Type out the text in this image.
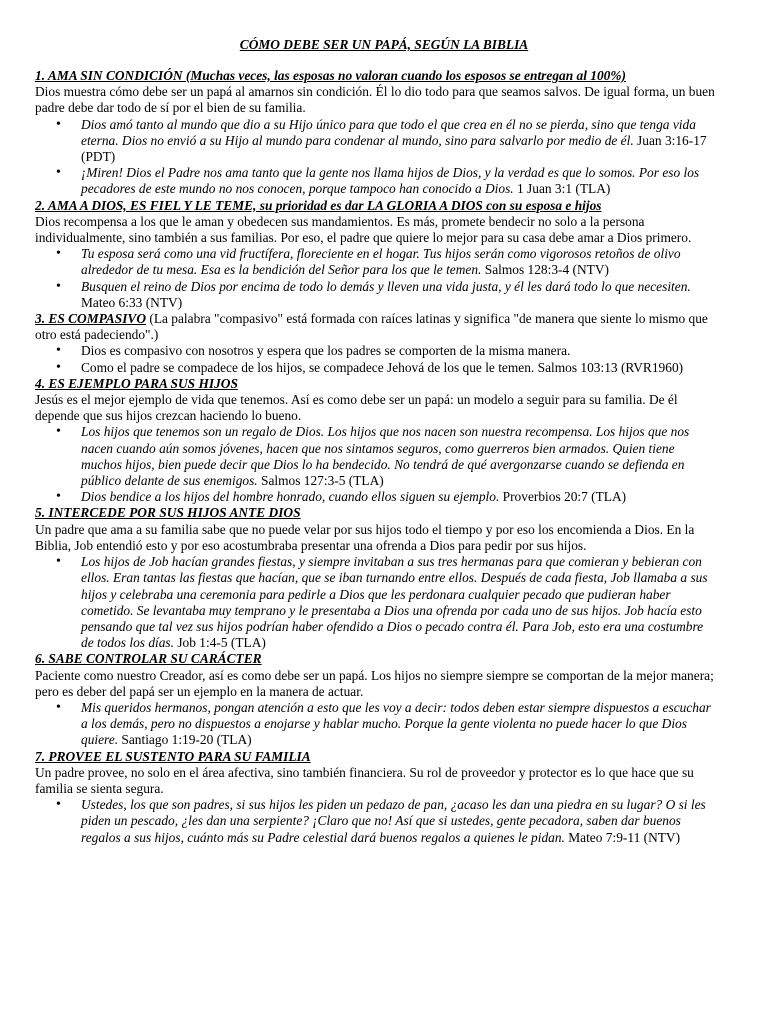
CÓMO DEBE SER UN PAPÁ, SEGÚN LA BIBLIA
1. AMA SIN CONDICIÓN (Muchas veces, las esposas no valoran cuando los esposos se entregan al 100%)
Dios muestra cómo debe ser un papá al amarnos sin condición. Él lo dio todo para que seamos salvos. De igual forma, un buen padre debe dar todo de sí por el bien de su familia.
• Dios amó tanto al mundo que dio a su Hijo único para que todo el que crea en él no se pierda, sino que tenga vida eterna. Dios no envió a su Hijo al mundo para condenar al mundo, sino para salvarlo por medio de él. Juan 3:16-17 (PDT)
• ¡Miren! Dios el Padre nos ama tanto que la gente nos llama hijos de Dios, y la verdad es que lo somos. Por eso los pecadores de este mundo no nos conocen, porque tampoco han conocido a Dios. 1 Juan 3:1 (TLA)
2. AMA A DIOS, ES FIEL Y LE TEME, su prioridad es dar LA GLORIA A DIOS con su esposa e hijos
Dios recompensa a los que le aman y obedecen sus mandamientos. Es más, promete bendecir no solo a la persona individualmente, sino también a sus familias. Por eso, el padre que quiere lo mejor para su casa debe amar a Dios primero.
• Tu esposa será como una vid fructífera, floreciente en el hogar. Tus hijos serán como vigorosos retoños de olivo alrededor de tu mesa. Esa es la bendición del Señor para los que le temen. Salmos 128:3-4 (NTV)
• Busquen el reino de Dios por encima de todo lo demás y lleven una vida justa, y él les dará todo lo que necesiten. Mateo 6:33 (NTV)
3. ES COMPASIVO (La palabra "compasivo" está formada con raíces latinas y significa "de manera que siente lo mismo que otro está padeciendo".)
• Dios es compasivo con nosotros y espera que los padres se comporten de la misma manera.
• Como el padre se compadece de los hijos, se compadece Jehová de los que le temen. Salmos 103:13 (RVR1960)
4. ES EJEMPLO PARA SUS HIJOS
Jesús es el mejor ejemplo de vida que tenemos. Así es como debe ser un papá: un modelo a seguir para su familia. De él depende que sus hijos crezcan haciendo lo bueno.
• Los hijos que tenemos son un regalo de Dios. Los hijos que nos nacen son nuestra recompensa. Los hijos que nos nacen cuando aún somos jóvenes, hacen que nos sintamos seguros, como guerreros bien armados. Quien tiene muchos hijos, bien puede decir que Dios lo ha bendecido. No tendrá de qué avergonzarse cuando se defienda en público delante de sus enemigos. Salmos 127:3-5 (TLA)
• Dios bendice a los hijos del hombre honrado, cuando ellos siguen su ejemplo. Proverbios 20:7 (TLA)
5. INTERCEDE POR SUS HIJOS ANTE DIOS
Un padre que ama a su familia sabe que no puede velar por sus hijos todo el tiempo y por eso los encomienda a Dios. En la Biblia, Job entendió esto y por eso acostumbraba presentar una ofrenda a Dios para pedir por sus hijos.
• Los hijos de Job hacían grandes fiestas, y siempre invitaban a sus tres hermanas para que comieran y bebieran con ellos. Eran tantas las fiestas que hacían, que se iban turnando entre ellos. Después de cada fiesta, Job llamaba a sus hijos y celebraba una ceremonia para pedirle a Dios que les perdonara cualquier pecado que pudieran haber cometido. Se levantaba muy temprano y le presentaba a Dios una ofrenda por cada uno de sus hijos. Job hacía esto pensando que tal vez sus hijos podrían haber ofendido a Dios o pecado contra él. Para Job, esto era una costumbre de todos los días. Job 1:4-5 (TLA)
6. SABE CONTROLAR SU CARÁCTER
Paciente como nuestro Creador, así es como debe ser un papá. Los hijos no siempre siempre se comportan de la mejor manera; pero es deber del papá ser un ejemplo en la manera de actuar.
• Mis queridos hermanos, pongan atención a esto que les voy a decir: todos deben estar siempre dispuestos a escuchar a los demás, pero no dispuestos a enojarse y hablar mucho. Porque la gente violenta no puede hacer lo que Dios quiere. Santiago 1:19-20 (TLA)
7. PROVEE EL SUSTENTO PARA SU FAMILIA
Un padre provee, no solo en el área afectiva, sino también financiera. Su rol de proveedor y protector es lo que hace que su familia se sienta segura.
• Ustedes, los que son padres, si sus hijos les piden un pedazo de pan, ¿acaso les dan una piedra en su lugar? O si les piden un pescado, ¿les dan una serpiente? ¡Claro que no! Así que si ustedes, gente pecadora, saben dar buenos regalos a sus hijos, cuánto más su Padre celestial dará buenos regalos a quienes le pidan. Mateo 7:9-11 (NTV)
